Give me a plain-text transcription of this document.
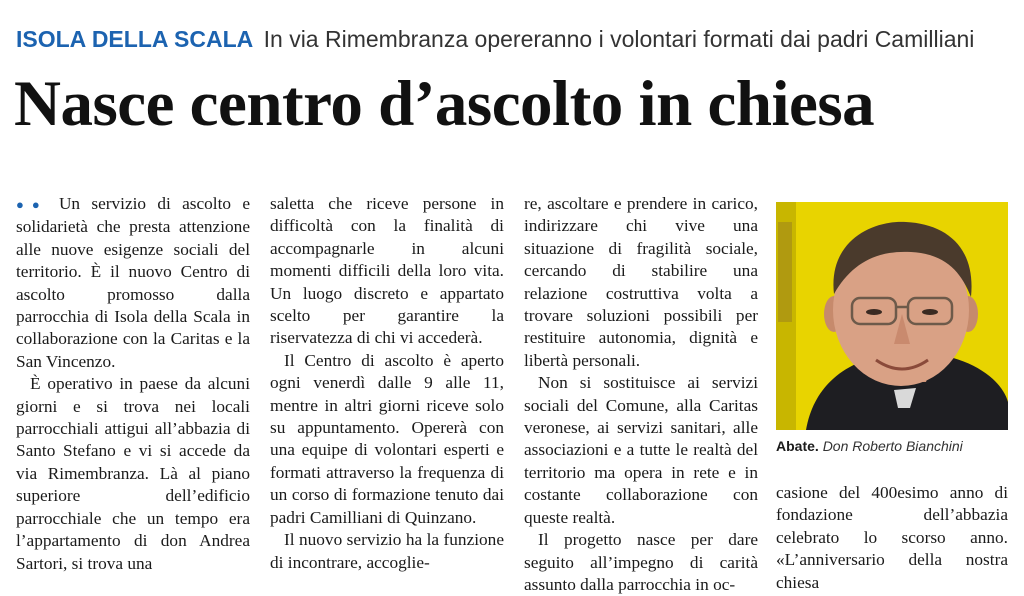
ISOLA DELLA SCALA In via Rimembranza opereranno i volontari formati dai padri Camilliani
Nasce centro d’ascolto in chiesa

●● Un servizio di ascolto e solidarietà che presta attenzione alle nuove esigenze sociali del territorio. È il nuovo Centro di ascolto promosso dalla parrocchia di Isola della Scala in collaborazione con la Caritas e la San Vincenzo.

È operativo in paese da alcuni giorni e si trova nei locali parrocchiali attigui all’abbazia di Santo Stefano e vi si accede da via Rimembranza. Là al piano superiore dell’edificio parrocchiale che un tempo era l’appartamento di don Andrea Sartori, si trova una

saletta che riceve persone in difficoltà con la finalità di accompagnarle in alcuni momenti difficili della loro vita. Un luogo discreto e appartato scelto per garantire la riservatezza di chi vi accederà.

Il Centro di ascolto è aperto ogni venerdì dalle 9 alle 11, mentre in altri giorni riceve solo su appuntamento. Opererà con una equipe di volontari esperti e formati attraverso la frequenza di un corso di formazione tenuto dai padri Camilliani di Quinzano.

Il nuovo servizio ha la funzione di incontrare, accoglie-

re, ascoltare e prendere in carico, indirizzare chi vive una situazione di fragilità sociale, cercando di stabilire una relazione costruttiva volta a trovare soluzioni possibili per restituire autonomia, dignità e libertà personali.

Non si sostituisce ai servizi sociali del Comune, alla Caritas veronese, ai servizi sanitari, alle associazioni e a tutte le realtà del territorio ma opera in rete e in costante collaborazione con queste realtà.

Il progetto nasce per dare seguito all’impegno di carità assunto dalla parrocchia in oc-

Abate. Don Roberto Bianchini

casione del 400esimo anno di fondazione dell’abbazia celebrato lo scorso anno. «L’anniversario della nostra chiesa
